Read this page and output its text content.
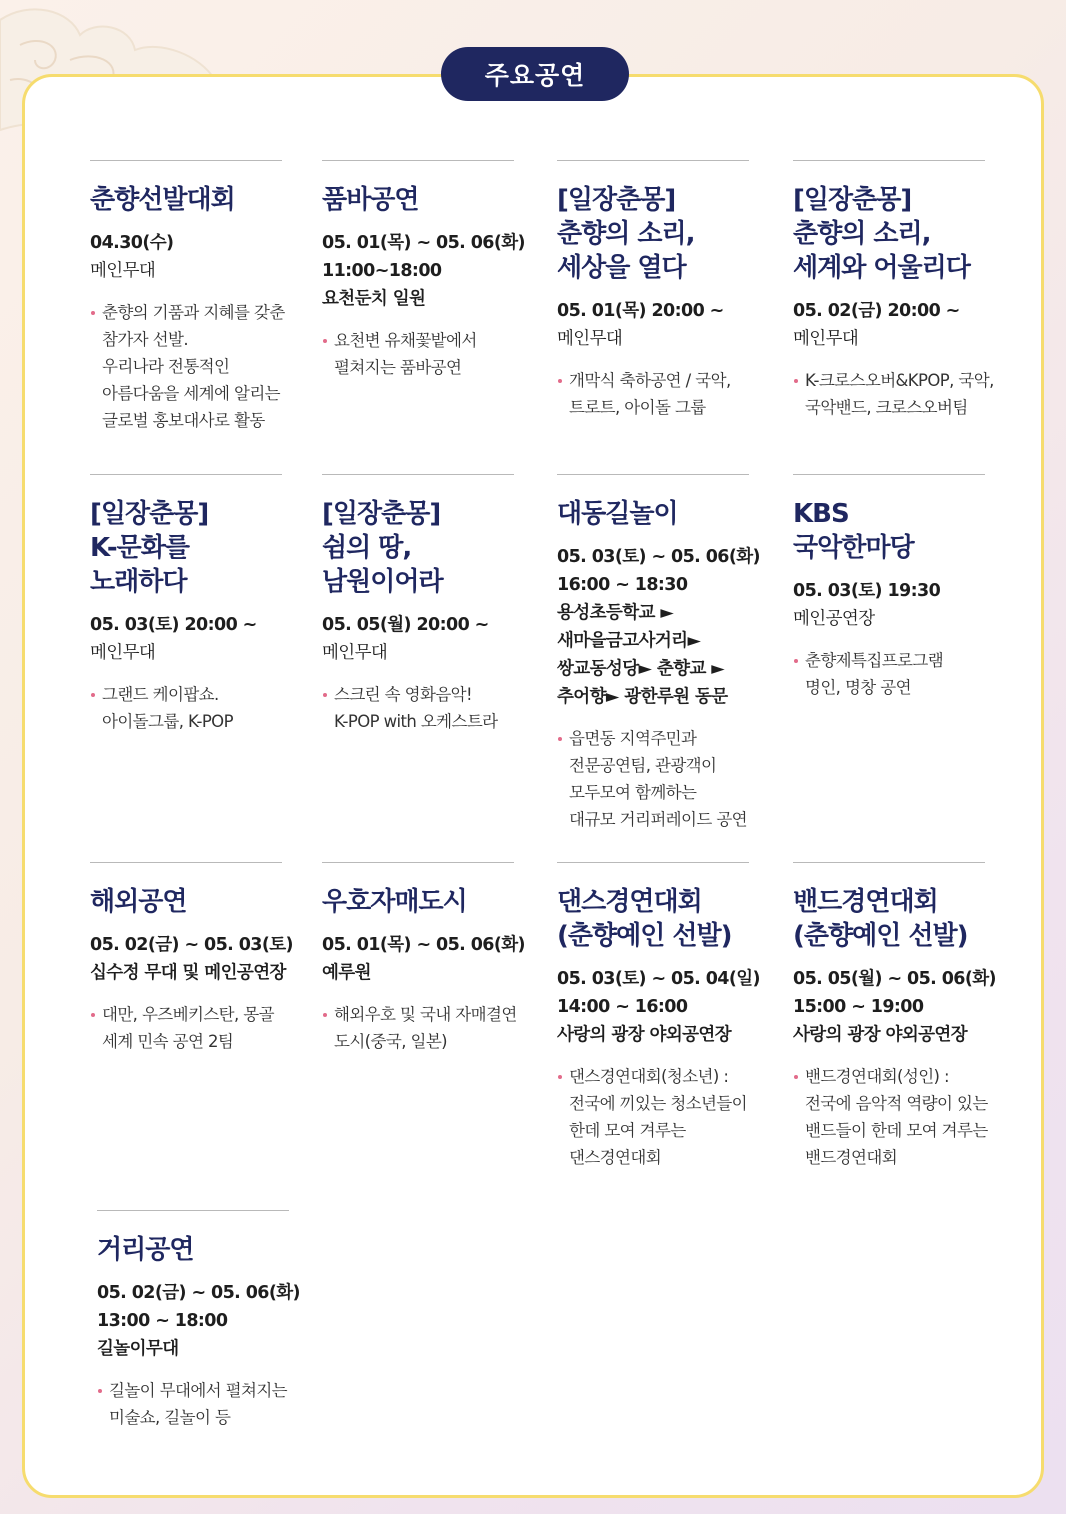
주요공연
춘향선발대회
04.30(수)
메인무대
춘향의 기품과 지혜를 갖춘
참가자 선발.
우리나라 전통적인
아름다움을 세계에 알리는
글로벌 홍보대사로 활동
품바공연
05. 01(목) ~ 05. 06(화)
11:00~18:00
요천둔치 일원
요천변 유채꽃밭에서
펼쳐지는 품바공연
[일장춘몽]
춘향의 소리,
세상을 열다
05. 01(목) 20:00 ~
메인무대
개막식 축하공연 / 국악,
트로트, 아이돌 그룹
[일장춘몽]
춘향의 소리,
세계와 어울리다
05. 02(금) 20:00 ~
메인무대
K-크로스오버&KPOP, 국악,
국악밴드, 크로스오버팀
[일장춘몽]
K-문화를
노래하다
05. 03(토) 20:00 ~
메인무대
그랜드 케이팝쇼.
아이돌그룹, K-POP
[일장춘몽]
쉼의 땅,
남원이어라
05. 05(월) 20:00 ~
메인무대
스크린 속 영화음악!
K-POP with 오케스트라
대동길놀이
05. 03(토) ~ 05. 06(화)
16:00 ~ 18:30
용성초등학교 ►
새마을금고사거리►
쌍교동성당► 춘향교 ►
추어향► 광한루원 동문
읍면동 지역주민과
전문공연팀, 관광객이
모두모여 함께하는
대규모 거리퍼레이드 공연
KBS
국악한마당
05. 03(토) 19:30
메인공연장
춘향제특집프로그램
명인, 명창 공연
해외공연
05. 02(금) ~ 05. 03(토)
십수정 무대 및 메인공연장
대만, 우즈베키스탄, 몽골
세계 민속 공연 2팀
우호자매도시
05. 01(목) ~ 05. 06(화)
예루원
해외우호 및 국내 자매결연
도시(중국, 일본)
댄스경연대회
(춘향예인 선발)
05. 03(토) ~ 05. 04(일)
14:00 ~ 16:00
사랑의 광장 야외공연장
댄스경연대회(청소년) :
전국에 끼있는 청소년들이
한데 모여 겨루는
댄스경연대회
밴드경연대회
(춘향예인 선발)
05. 05(월) ~ 05. 06(화)
15:00 ~ 19:00
사랑의 광장 야외공연장
밴드경연대회(성인) :
전국에 음악적 역량이 있는
밴드들이 한데 모여 겨루는
밴드경연대회
거리공연
05. 02(금) ~ 05. 06(화)
13:00 ~ 18:00
길놀이무대
길놀이 무대에서 펼쳐지는
미술쇼, 길놀이 등
